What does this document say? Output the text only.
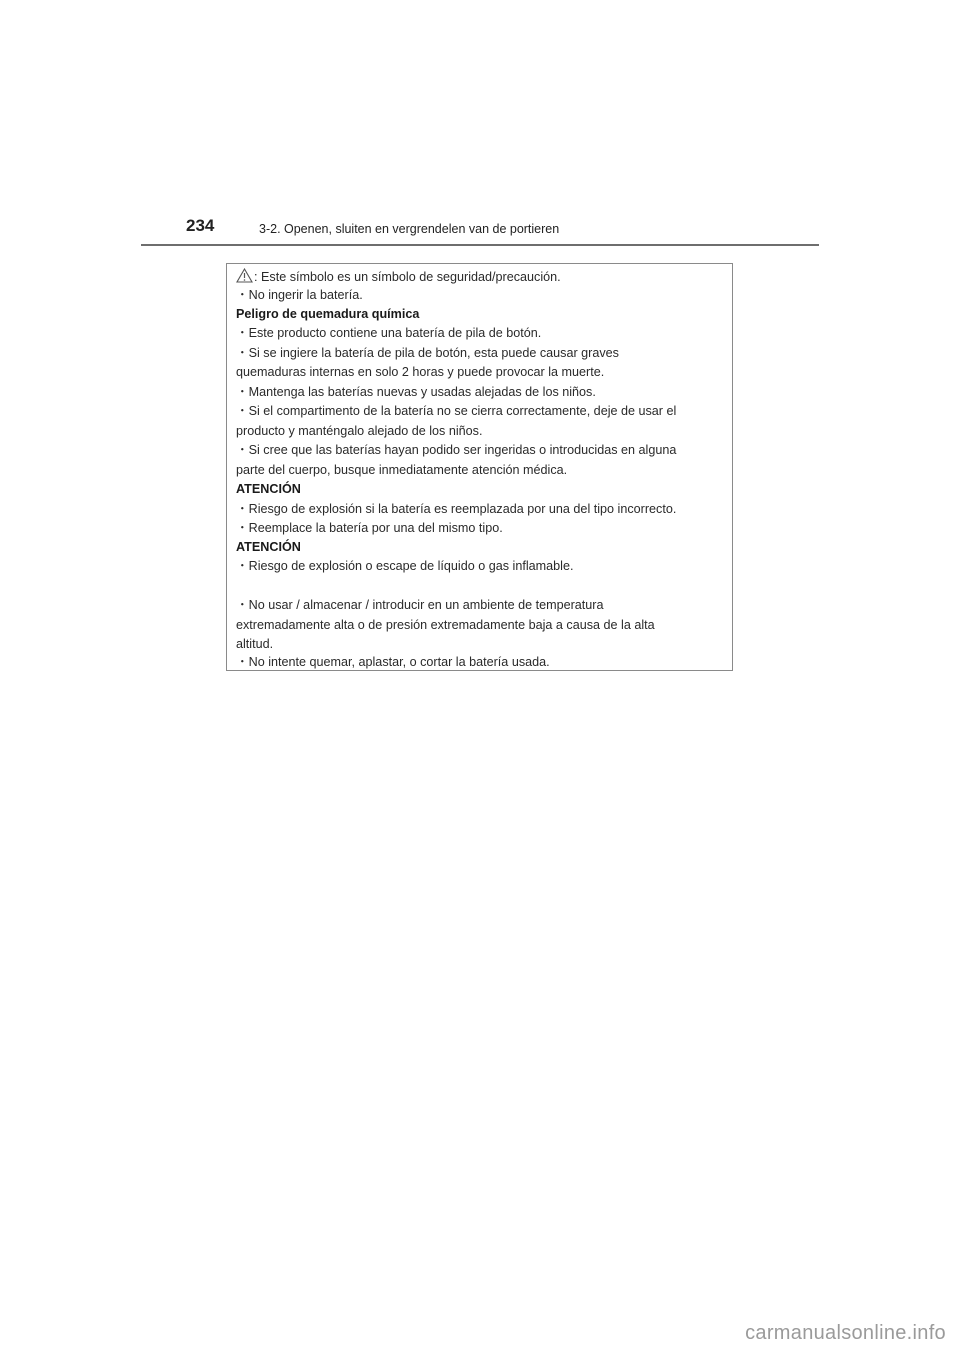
234	3-2. Openen, sluiten en vergrendelen van de portieren
: Este símbolo es un símbolo de seguridad/precaución.
・No ingerir la batería.
Peligro de quemadura química
・Este producto contiene una batería de pila de botón.
・Si se ingiere la batería de pila de botón, esta puede causar graves
quemaduras internas en solo 2 horas y puede provocar la muerte.
・Mantenga las baterías nuevas y usadas alejadas de los niños.
・Si el compartimento de la batería no se cierra correctamente, deje de usar el
producto y manténgalo alejado de los niños.
・Si cree que las baterías hayan podido ser ingeridas o introducidas en alguna
parte del cuerpo, busque inmediatamente atención médica.
ATENCIÓN
・Riesgo de explosión si la batería es reemplazada por una del tipo incorrecto.
・Reemplace la batería por una del mismo tipo.
ATENCIÓN
・Riesgo de explosión o escape de líquido o gas inflamable.
・No usar / almacenar / introducir en un ambiente de temperatura
extremadamente alta o de presión extremadamente baja a causa de la alta
altitud.
・No intente quemar, aplastar, o cortar la batería usada.
carmanualsonline.info
